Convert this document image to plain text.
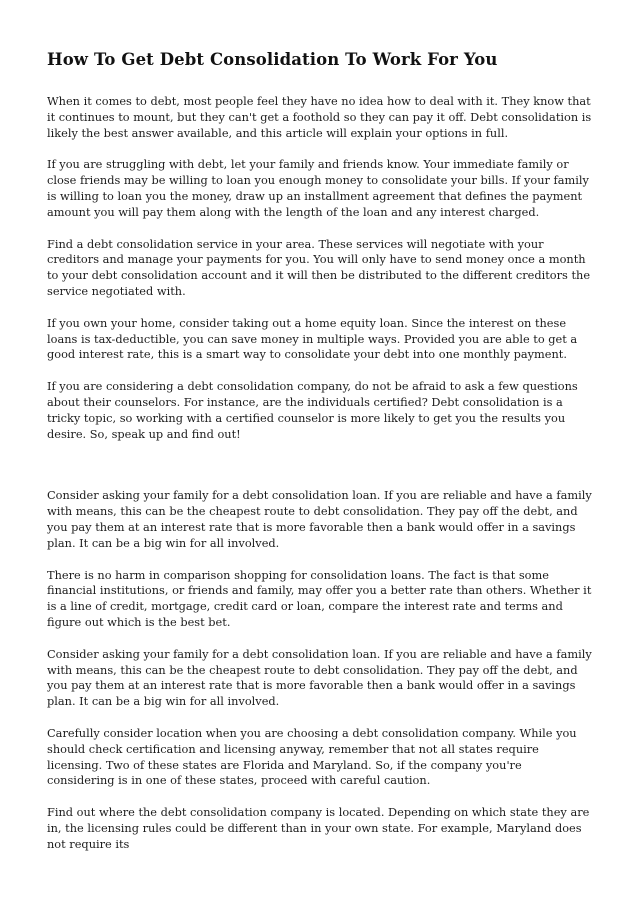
How To Get Debt Consolidation To Work For You

When it comes to debt, most people feel they have no idea how to deal with it. They know that it continues to mount, but they can't get a foothold so they can pay it off. Debt consolidation is likely the best answer available, and this article will explain your options in full.

If you are struggling with debt, let your family and friends know. Your immediate family or close friends may be willing to loan you enough money to consolidate your bills. If your family is willing to loan you the money, draw up an installment agreement that defines the payment amount you will pay them along with the length of the loan and any interest charged.

Find a debt consolidation service in your area. These services will negotiate with your creditors and manage your payments for you. You will only have to send money once a month to your debt consolidation account and it will then be distributed to the different creditors the service negotiated with.

If you own your home, consider taking out a home equity loan. Since the interest on these loans is tax-deductible, you can save money in multiple ways. Provided you are able to get a good interest rate, this is a smart way to consolidate your debt into one monthly payment.

If you are considering a debt consolidation company, do not be afraid to ask a few questions about their counselors. For instance, are the individuals certified? Debt consolidation is a tricky topic, so working with a certified counselor is more likely to get you the results you desire. So, speak up and find out!

Consider asking your family for a debt consolidation loan. If you are reliable and have a family with means, this can be the cheapest route to debt consolidation. They pay off the debt, and you pay them at an interest rate that is more favorable then a bank would offer in a savings plan. It can be a big win for all involved.

There is no harm in comparison shopping for consolidation loans. The fact is that some financial institutions, or friends and family, may offer you a better rate than others. Whether it is a line of credit, mortgage, credit card or loan, compare the interest rate and terms and figure out which is the best bet.

Consider asking your family for a debt consolidation loan. If you are reliable and have a family with means, this can be the cheapest route to debt consolidation. They pay off the debt, and you pay them at an interest rate that is more favorable then a bank would offer in a savings plan. It can be a big win for all involved.

Carefully consider location when you are choosing a debt consolidation company. While you should check certification and licensing anyway, remember that not all states require licensing. Two of these states are Florida and Maryland. So, if the company you're considering is in one of these states, proceed with careful caution.

Find out where the debt consolidation company is located. Depending on which state they are in, the licensing rules could be different than in your own state. For example, Maryland does not require its
